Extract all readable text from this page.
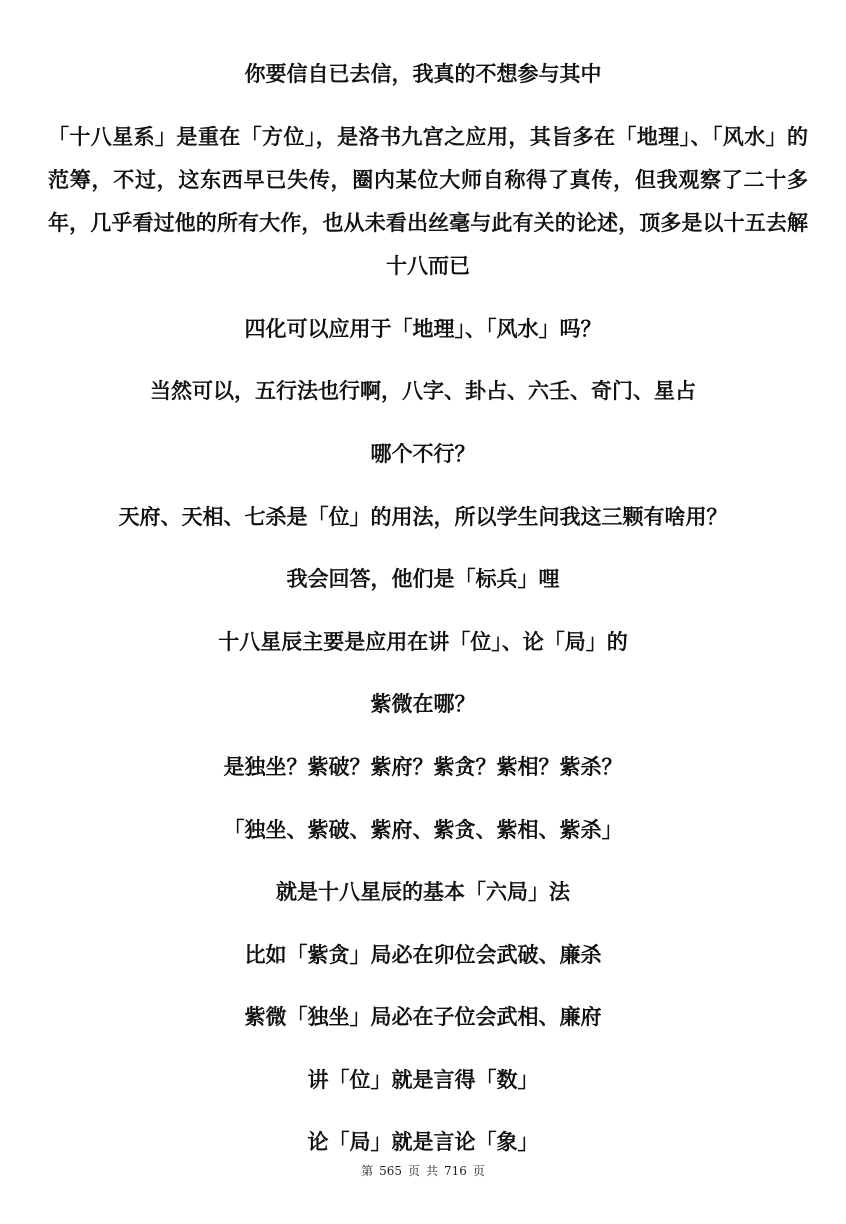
你要信自已去信，我真的不想参与其中
「十八星系」是重在「方位」，是洛书九宫之应用，其旨多在「地理」、「风水」的范筹，不过，这东西早已失传，圈内某位大师自称得了真传，但我观察了二十多年，几乎看过他的所有大作，也从未看出丝毫与此有关的论述，顶多是以十五去解十八而已
四化可以应用于「地理」、「风水」吗？
当然可以，五行法也行啊，八字、卦占、六壬、奇门、星占
哪个不行？
天府、天相、七杀是「位」的用法，所以学生问我这三颗有啥用？
我会回答，他们是「标兵」哩
十八星辰主要是应用在讲「位」、论「局」的
紫微在哪？
是独坐？紫破？紫府？紫贪？紫相？紫杀？
「独坐、紫破、紫府、紫贪、紫相、紫杀」
就是十八星辰的基本「六局」法
比如「紫贪」局必在卯位会武破、廉杀
紫微「独坐」局必在子位会武相、廉府
讲「位」就是言得「数」
论「局」就是言论「象」
第 565 页 共 716 页
